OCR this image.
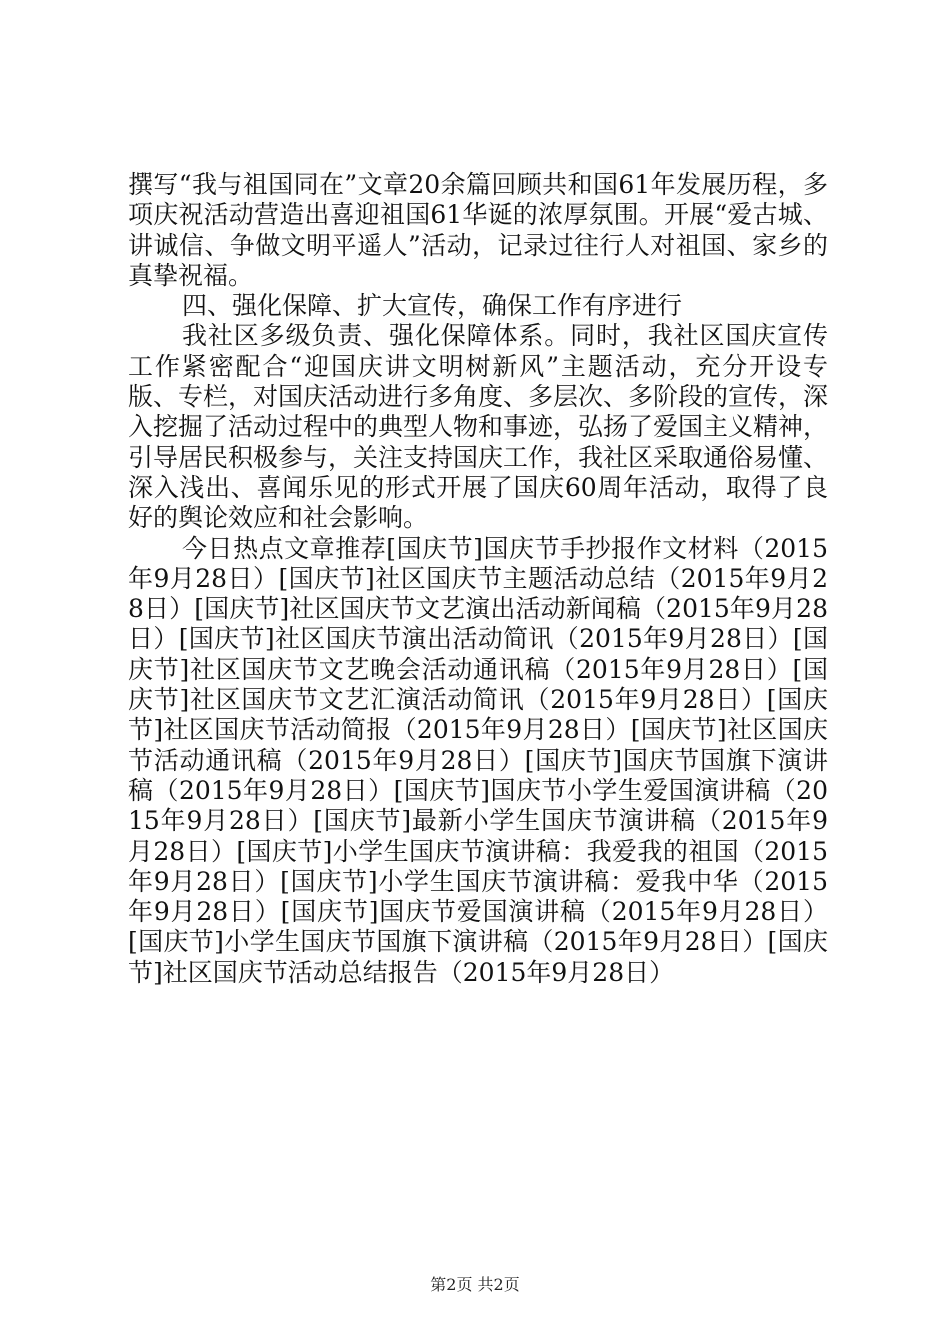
撰写“我与祖国同在”文章20余篇回顾共和国61年发展历程，多项庆祝活动营造出喜迎祖国61华诞的浓厚氛围。开展“爱古城、讲诚信、争做文明平遥人”活动，记录过往行人对祖国、家乡的真挚祝福。

四、强化保障、扩大宣传，确保工作有序进行

我社区多级负责、强化保障体系。同时，我社区国庆宣传工作紧密配合“迎国庆讲文明树新风”主题活动，充分开设专版、专栏，对国庆活动进行多角度、多层次、多阶段的宣传，深入挖掘了活动过程中的典型人物和事迹，弘扬了爱国主义精神，引导居民积极参与，关注支持国庆工作，我社区采取通俗易懂、深入浅出、喜闻乐见的形式开展了国庆60周年活动，取得了良好的舆论效应和社会影响。

今日热点文章推荐[国庆节]国庆节手抄报作文材料（2015年9月28日）[国庆节]社区国庆节主题活动总结（2015年9月28日）[国庆节]社区国庆节文艺演出活动新闻稿（2015年9月28日）[国庆节]社区国庆节演出活动简讯（2015年9月28日）[国庆节]社区国庆节文艺晚会活动通讯稿（2015年9月28日）[国庆节]社区国庆节文艺汇演活动简讯（2015年9月28日）[国庆节]社区国庆节活动简报（2015年9月28日）[国庆节]社区国庆节活动通讯稿（2015年9月28日）[国庆节]国庆节国旗下演讲稿（2015年9月28日）[国庆节]国庆节小学生爱国演讲稿（2015年9月28日）[国庆节]最新小学生国庆节演讲稿（2015年9月28日）[国庆节]小学生国庆节演讲稿：我爱我的祖国（2015年9月28日）[国庆节]小学生国庆节演讲稿：爱我中华（2015年9月28日）[国庆节]国庆节爱国演讲稿（2015年9月28日）[国庆节]小学生国庆节国旗下演讲稿（2015年9月28日）[国庆节]社区国庆节活动总结报告（2015年9月28日）

第2页 共2页
